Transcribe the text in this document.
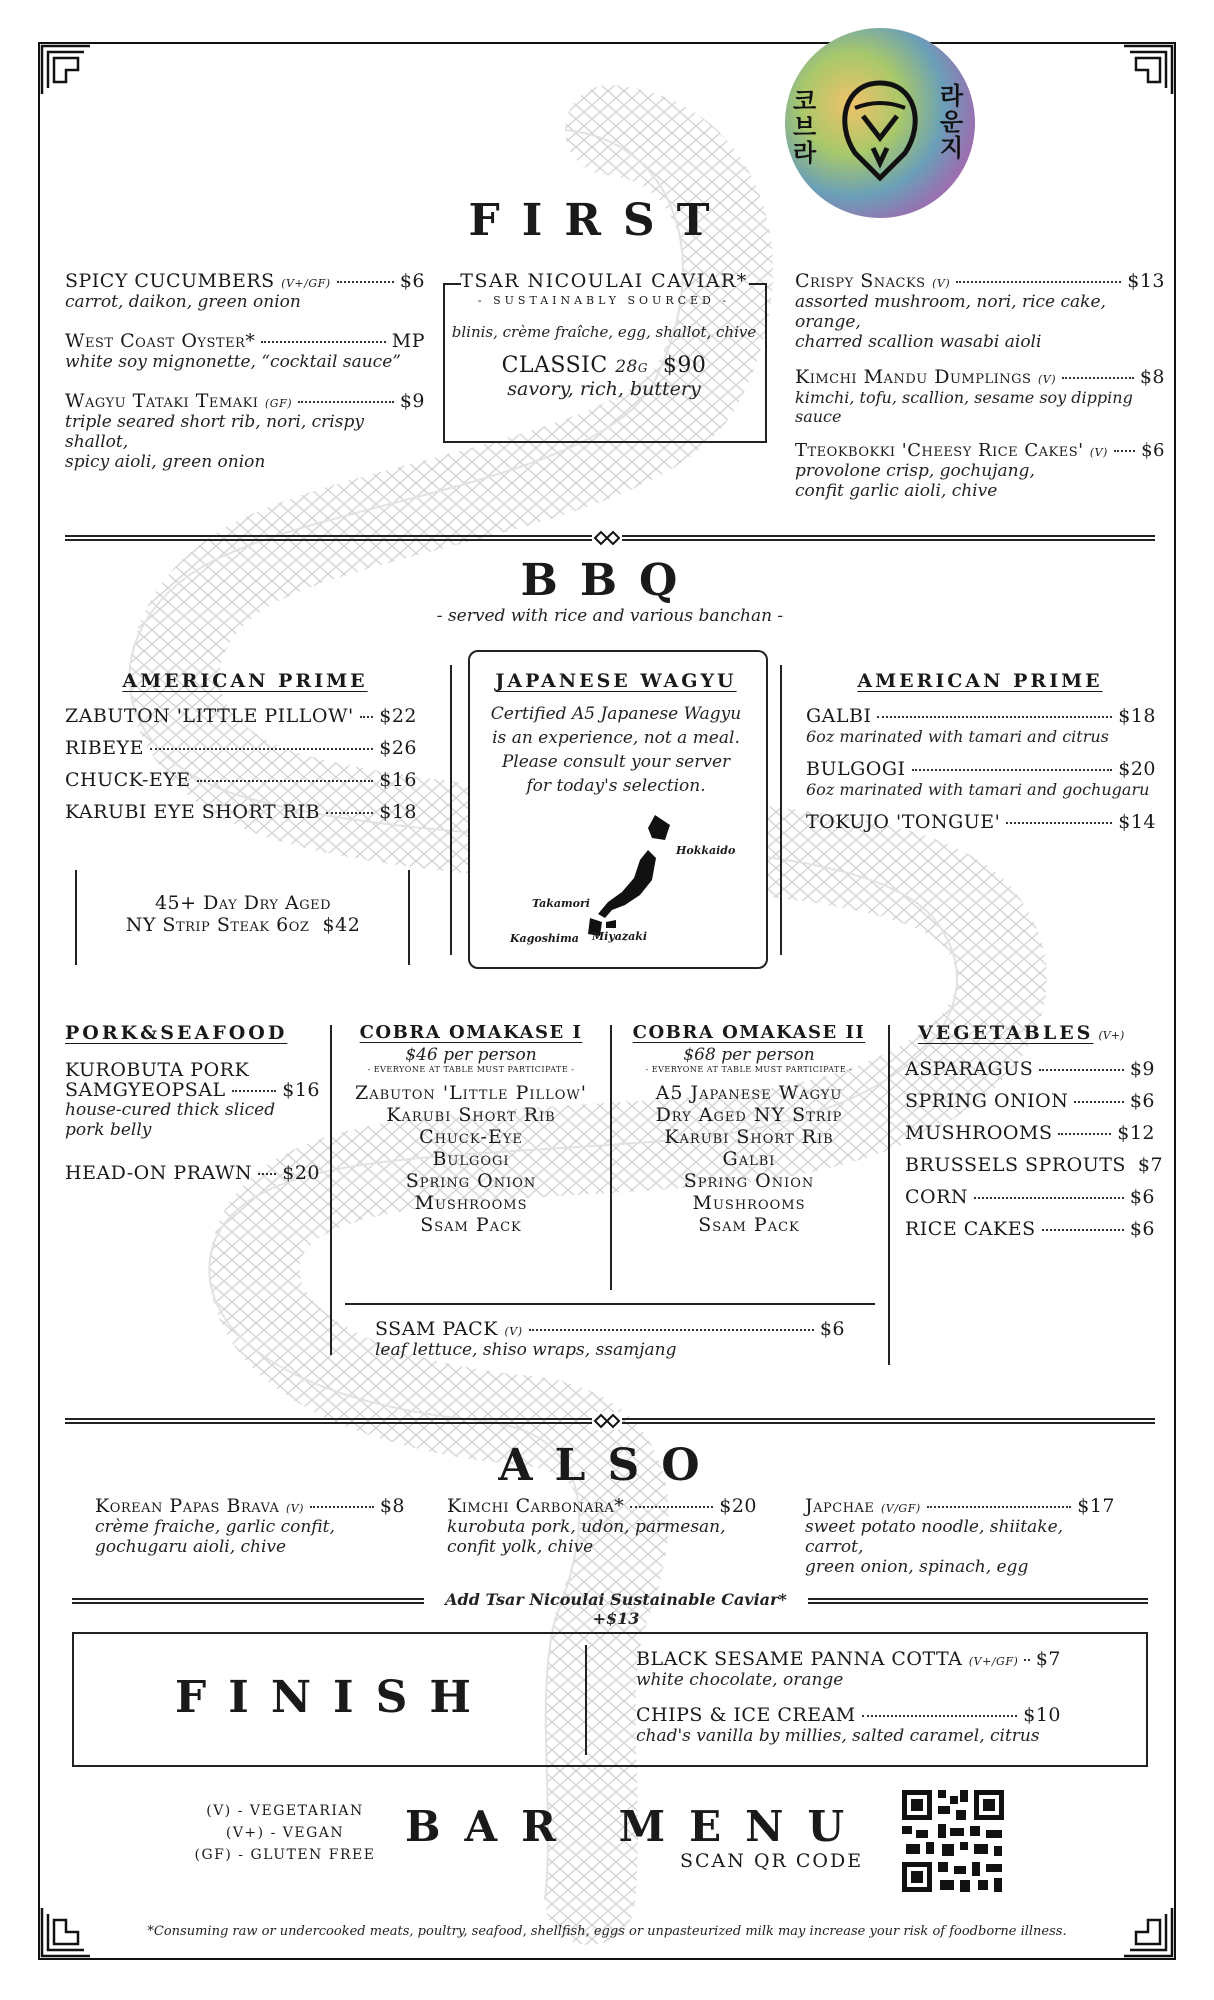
코브라
라운지
FIRST
SPICY CUCUMBERS (V+/GF)	$6
carrot, daikon, green onion
West Coast Oyster*	MP
white soy mignonette, “cocktail sauce”
Wagyu Tataki Temaki (GF)	$9
triple seared short rib, nori, crispy shallot,
spicy aioli, green onion
TSAR NICOULAI CAVIAR*
- SUSTAINABLY SOURCED -
blinis, crème fraîche, egg, shallot, chive
CLASSIC 28g $90
savory, rich, buttery
Crispy Snacks (V)	$13
assorted mushroom, nori, rice cake, orange,
charred scallion wasabi aioli
Kimchi Mandu Dumplings (V)	$8
kimchi, tofu, scallion, sesame soy dipping sauce
Tteokbokki 'Cheesy Rice Cakes' (V) $6
provolone crisp, gochujang,
confit garlic aioli, chive
BBQ
- served with rice and various banchan -
AMERICAN PRIME
ZABUTON 'LITTLE PILLOW' $22
RIBEYE	$26
CHUCK-EYE	$16
KARUBI EYE SHORT RIB	$18
45+ Day Dry Aged
NY Strip Steak 6oz $42
JAPANESE WAGYU
Certified A5 Japanese Wagyu
is an experience, not a meal.
Please consult your server
for today's selection.
Hokkaido
Takamori
Kagoshima Miyazaki
AMERICAN PRIME
GALBI	$18
6oz marinated with tamari and citrus
BULGOGI	$20
6oz marinated with tamari and gochugaru
TOKUJO 'TONGUE'	$14
PORK&SEAFOOD
KUROBUTA PORK
SAMGYEOPSAL	$16
house-cured thick sliced
pork belly
HEAD-ON PRAWN $20
COBRA OMAKASE I
$46 per person
- EVERYONE AT TABLE MUST PARTICIPATE -
Zabuton 'Little Pillow'
Karubi Short Rib
Chuck-Eye
Bulgogi
Spring Onion
Mushrooms
Ssam Pack
COBRA OMAKASE II
$68 per person
- EVERYONE AT TABLE MUST PARTICIPATE -
A5 Japanese Wagyu
Dry Aged NY Strip
Karubi Short Rib
Galbi
Spring Onion
Mushrooms
Ssam Pack
SSAM PACK (V)	$6
leaf lettuce, shiso wraps, ssamjang
VEGETABLES (V+)
ASPARAGUS	$9
SPRING ONION	$6
MUSHROOMS	$12
BRUSSELS SPROUTS $7
CORN	$6
RICE CAKES	$6
ALSO
Korean Papas Brava (V)	$8
crème fraiche, garlic confit,
gochugaru aioli, chive
Kimchi Carbonara*	$20
kurobuta pork, udon, parmesan,
confit yolk, chive
Japchae (V/GF)	$17
sweet potato noodle, shiitake, carrot,
green onion, spinach, egg
Add Tsar Nicoulai Sustainable Caviar* +$13
FINISH
BLACK SESAME PANNA COTTA (V+/GF) $7
white chocolate, orange
CHIPS & ICE CREAM	$10
chad's vanilla by millies, salted caramel, citrus
(V) - VEGETARIAN
(V+) - VEGAN
(GF) - GLUTEN FREE
BAR MENU
SCAN QR CODE
*Consuming raw or undercooked meats, poultry, seafood, shellfish, eggs or unpasteurized milk may increase your risk of foodborne illness.
